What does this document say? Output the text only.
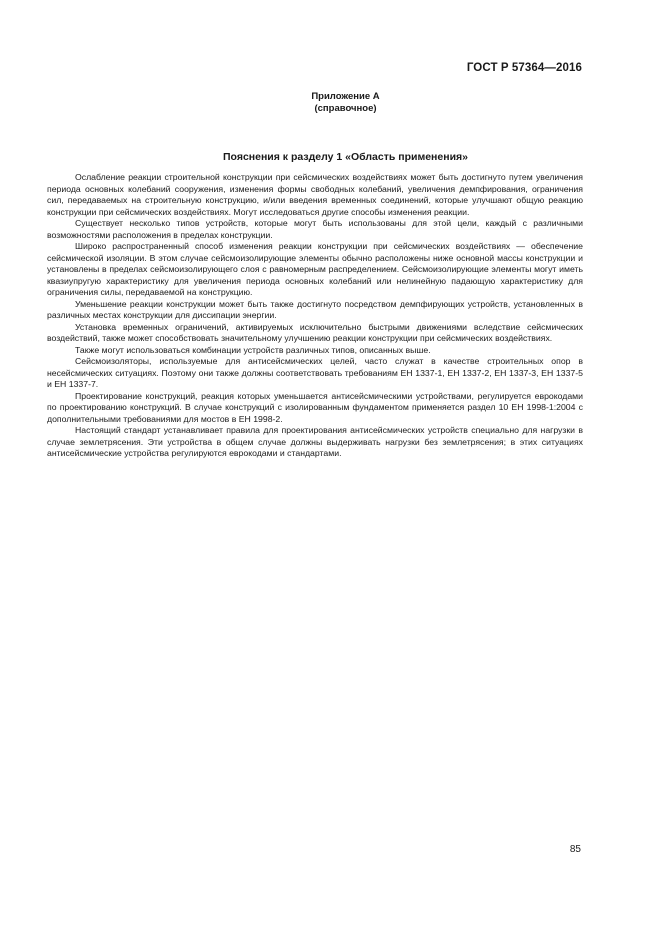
ГОСТ Р 57364—2016
Приложение А
(справочное)
Пояснения к разделу 1 «Область применения»

Ослабление реакции строительной конструкции при сейсмических воздействиях может быть достигнуто путем увеличения периода основных колебаний сооружения, изменения формы свободных колебаний, увеличения демпфирования, ограничения сил, передаваемых на строительную конструкцию, и/или введения временных соединений, которые улучшают общую реакцию конструкции при сейсмических воздействиях. Могут исследоваться другие способы изменения реакции.

Существует несколько типов устройств, которые могут быть использованы для этой цели, каждый с различными возможностями расположения в пределах конструкции.

Широко распространенный способ изменения реакции конструкции при сейсмических воздействиях — обеспечение сейсмической изоляции. В этом случае сейсмоизолирующие элементы обычно расположены ниже основной массы конструкции и установлены в пределах сейсмоизолирующего слоя с равномерным распределением. Сейсмоизолирующие элементы могут иметь квазиупругую характеристику для увеличения периода основных колебаний или нелинейную падающую характеристику для ограничения силы, передаваемой на конструкцию.

Уменьшение реакции конструкции может быть также достигнуто посредством демпфирующих устройств, установленных в различных местах конструкции для диссипации энергии.

Установка временных ограничений, активируемых исключительно быстрыми движениями вследствие сейсмических воздействий, также может способствовать значительному улучшению реакции конструкции при сейсмических воздействиях.

Также могут использоваться комбинации устройств различных типов, описанных выше.

Сейсмоизоляторы, используемые для антисейсмических целей, часто служат в качестве строительных опор в несейсмических ситуациях. Поэтому они также должны соответствовать требованиям ЕН 1337-1, ЕН 1337-2, ЕН 1337-3, ЕН 1337-5 и ЕН 1337-7.

Проектирование конструкций, реакция которых уменьшается антисейсмическими устройствами, регулируется еврокодами по проектированию конструкций. В случае конструкций с изолированным фундаментом применяется раздел 10 ЕН 1998-1:2004 с дополнительными требованиями для мостов в ЕН 1998-2.

Настоящий стандарт устанавливает правила для проектирования антисейсмических устройств специально для нагрузки в случае землетрясения. Эти устройства в общем случае должны выдерживать нагрузки без землетрясения; в этих ситуациях антисейсмические устройства регулируются еврокодами и стандартами.

85
